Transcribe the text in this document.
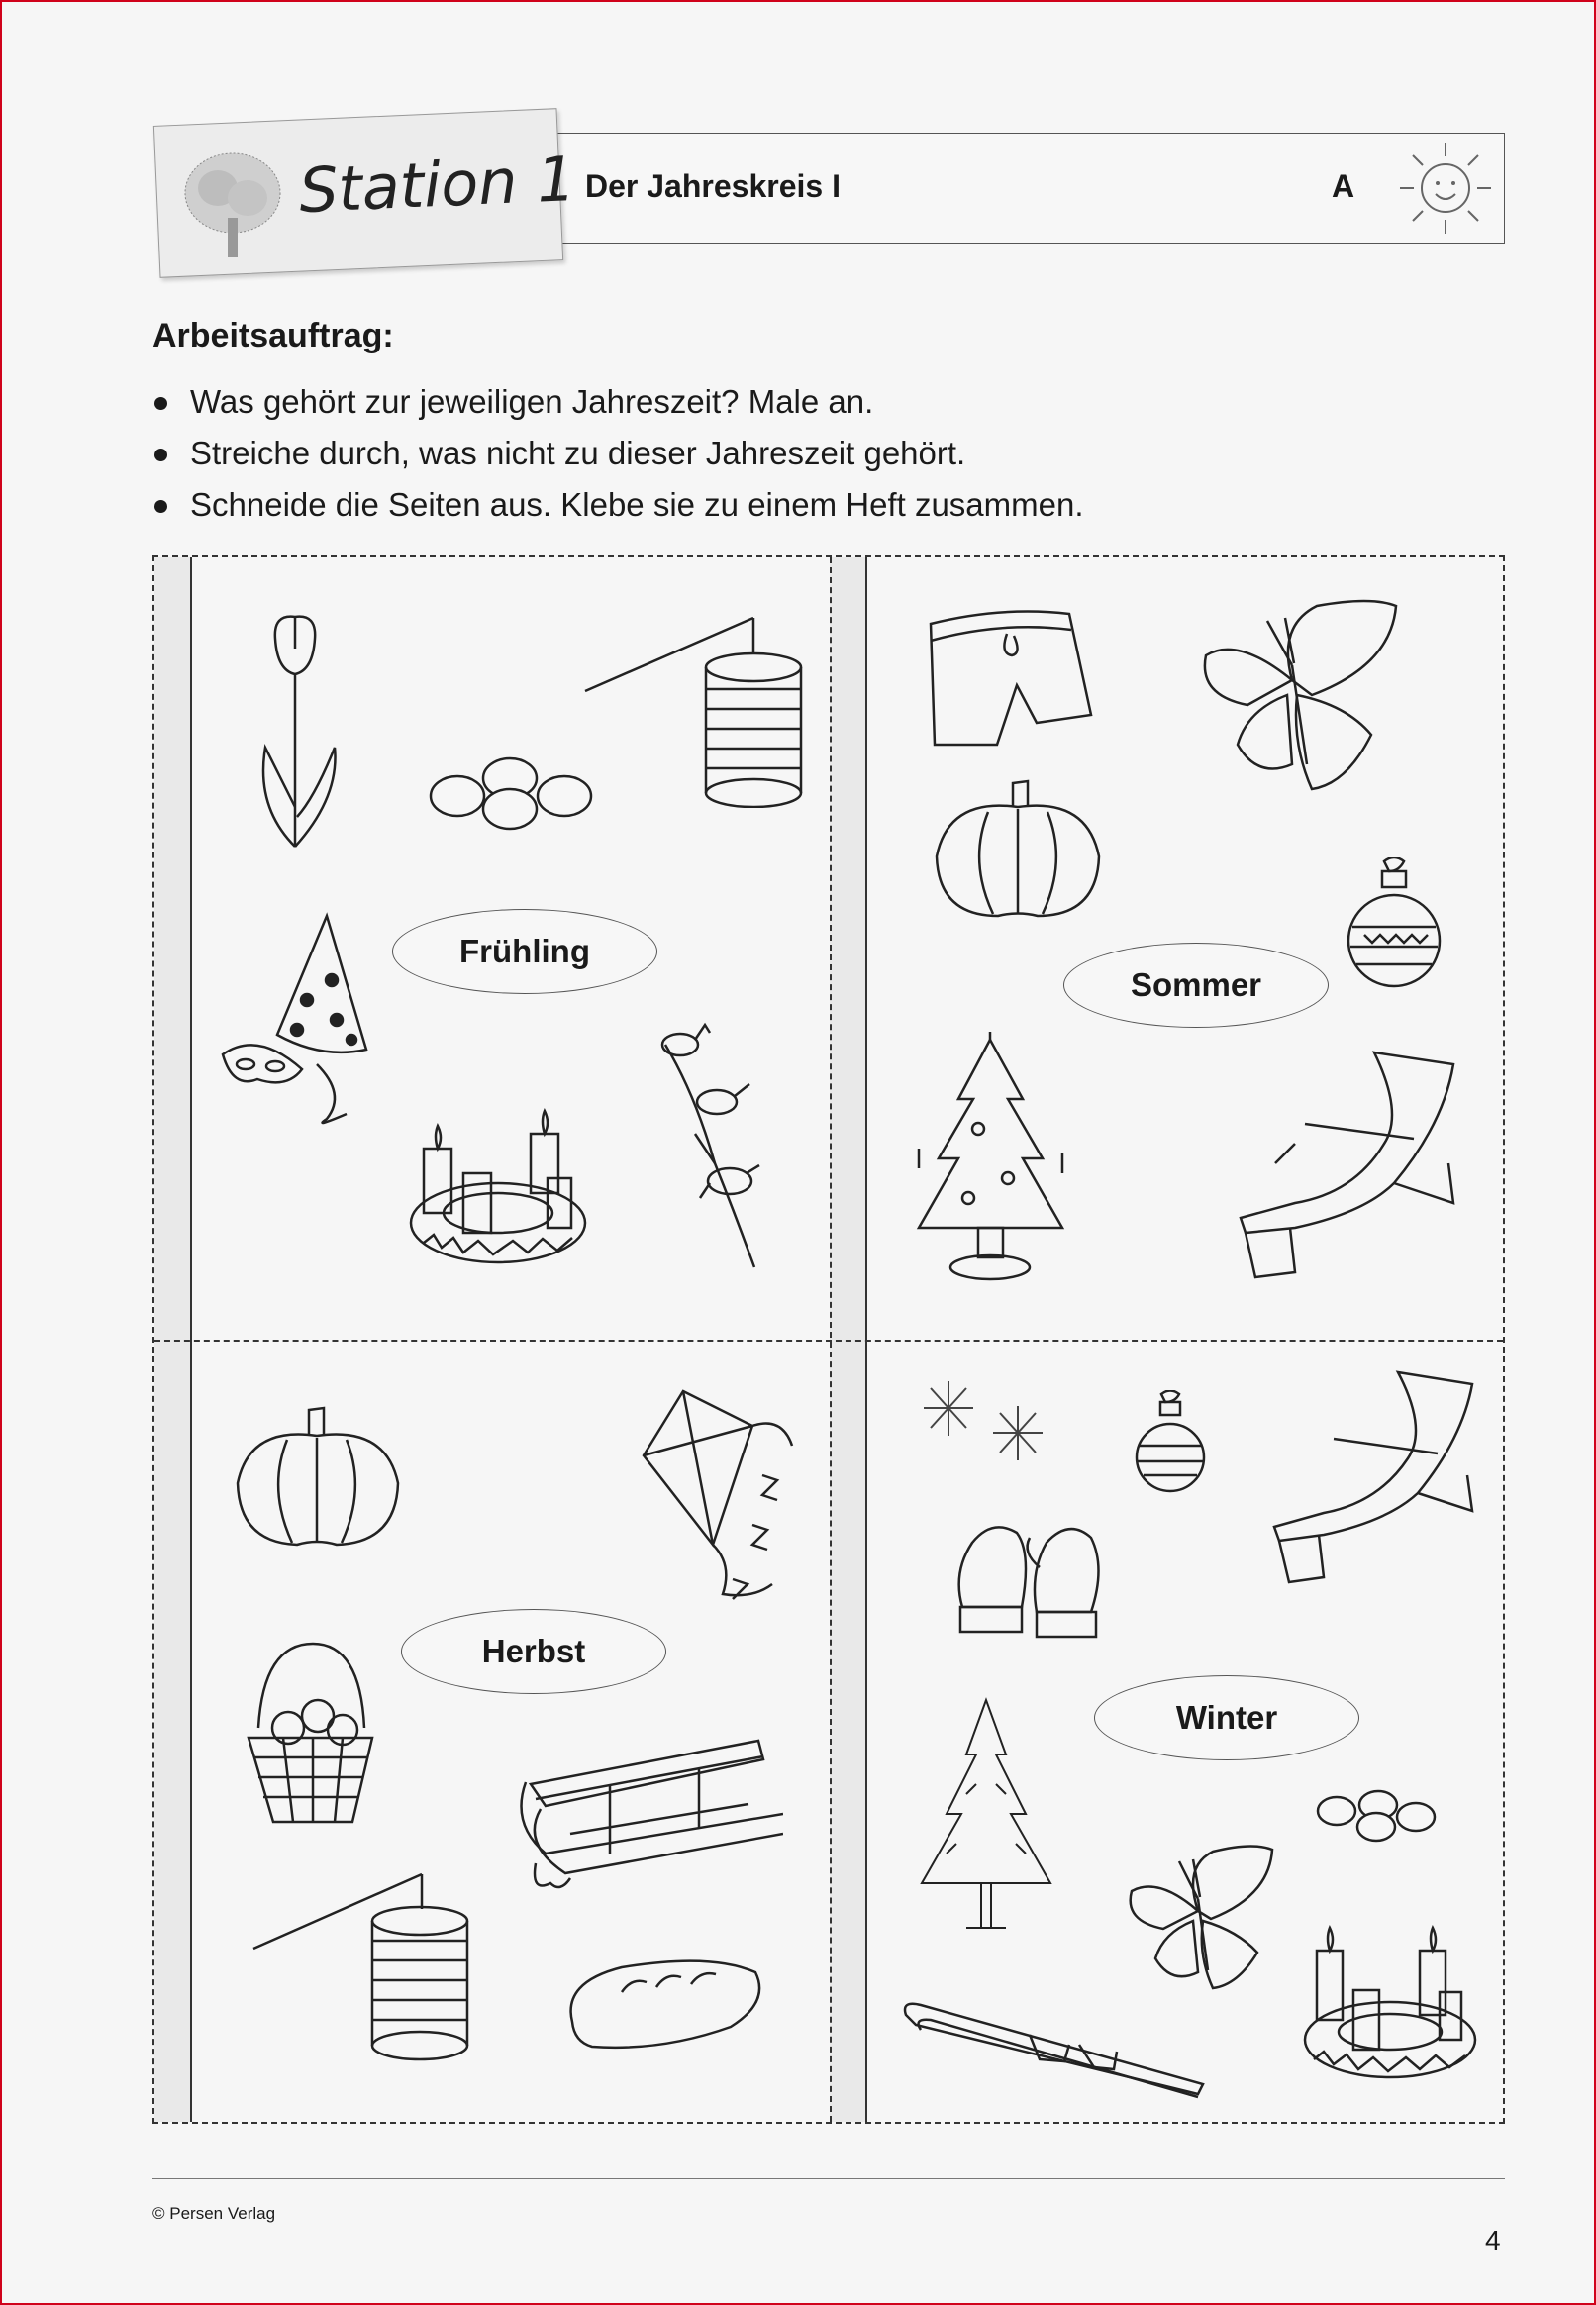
Station 1 Der Jahreskreis I	A
Arbeitsauftrag:
Was gehört zur jeweiligen Jahreszeit? Male an.
Streiche durch, was nicht zu dieser Jahreszeit gehört.
Schneide die Seiten aus. Klebe sie zu einem Heft zusammen.
Frühling
Sommer
Herbst
Winter
© Persen Verlag
4
